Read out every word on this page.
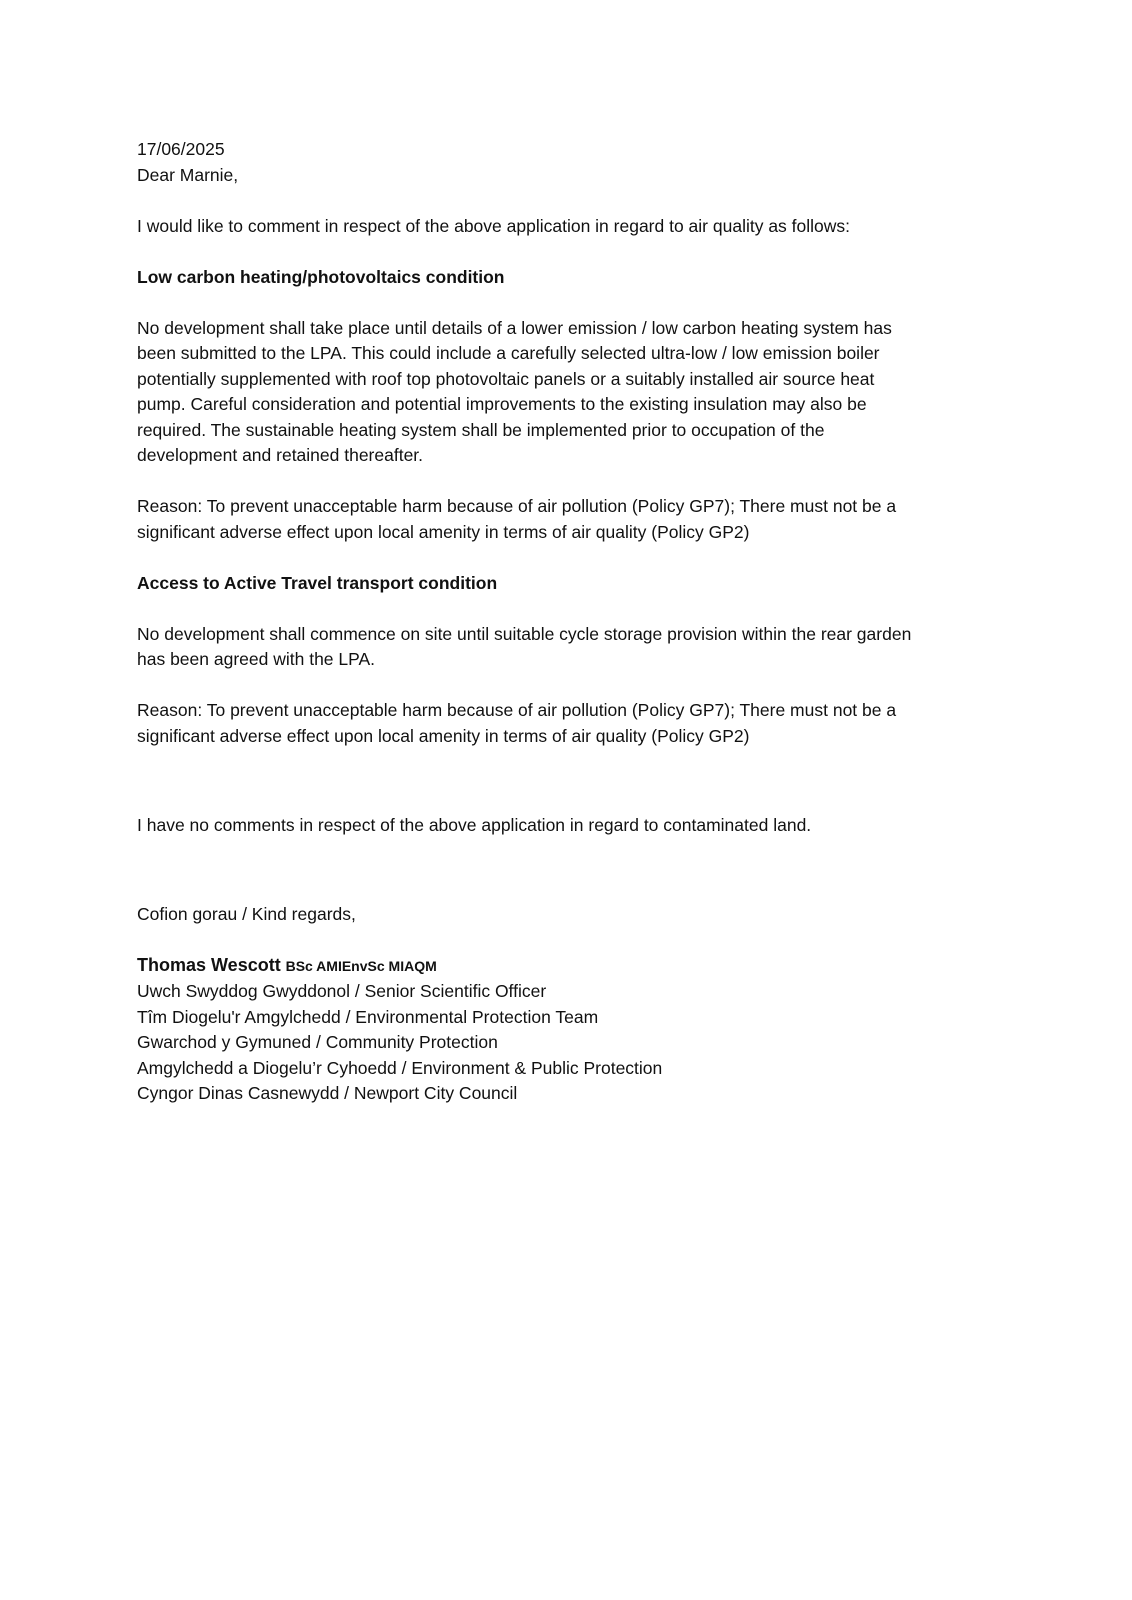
17/06/2025
Dear Marnie,
I would like to comment in respect of the above application in regard to air quality as follows:
Low carbon heating/photovoltaics condition
No development shall take place until details of a lower emission / low carbon heating system has
been submitted to the LPA. This could include a carefully selected ultra-low / low emission boiler
potentially supplemented with roof top photovoltaic panels or a suitably installed air source heat
pump. Careful consideration and potential improvements to the existing insulation may also be
required. The sustainable heating system shall be implemented prior to occupation of the
development and retained thereafter.
Reason: To prevent unacceptable harm because of air pollution (Policy GP7); There must not be a
significant adverse effect upon local amenity in terms of air quality (Policy GP2)
Access to Active Travel transport condition
No development shall commence on site until suitable cycle storage provision within the rear garden
has been agreed with the LPA.
Reason: To prevent unacceptable harm because of air pollution (Policy GP7); There must not be a
significant adverse effect upon local amenity in terms of air quality (Policy GP2)
I have no comments in respect of the above application in regard to contaminated land.
Cofion gorau / Kind regards,
Thomas Wescott BSc AMIEnvSc MIAQM
Uwch Swyddog Gwyddonol / Senior Scientific Officer
Tîm Diogelu'r Amgylchedd / Environmental Protection Team
Gwarchod y Gymuned / Community Protection
Amgylchedd a Diogelu’r Cyhoedd / Environment & Public Protection
Cyngor Dinas Casnewydd / Newport City Council
